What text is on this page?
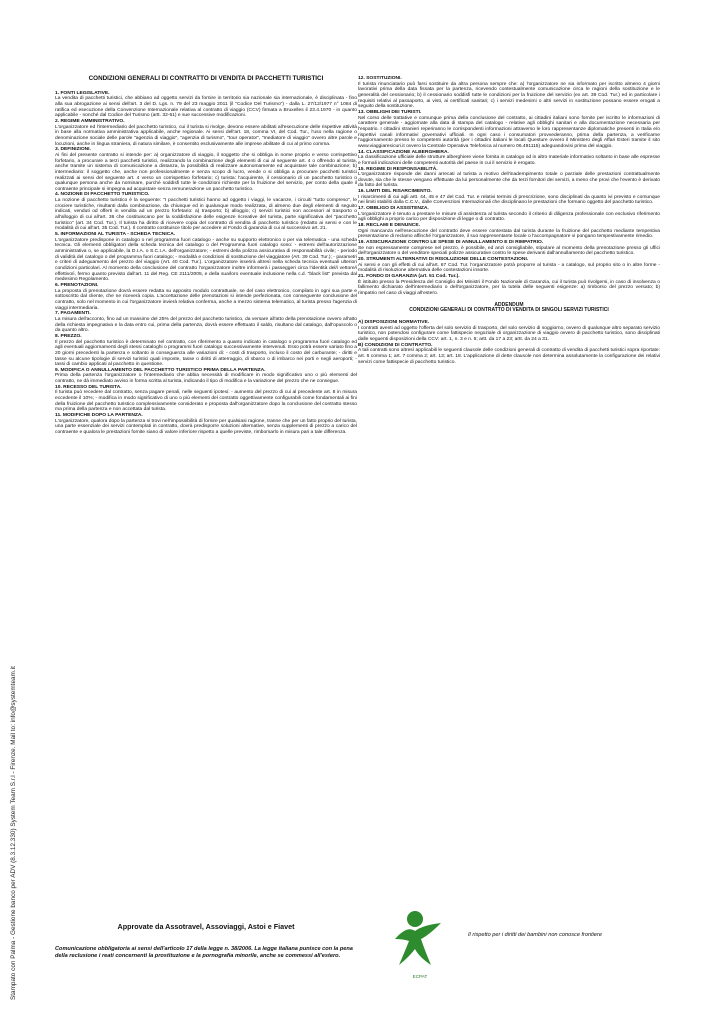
Stampato con Palma - Gestione banco per ADV (8.3.12.330) System Team S.r.l - Firenze. Mail to: info@systemteam.it
CONDIZIONI GENERALI DI CONTRATTO DI VENDITA DI PACCHETTI TURISTICI
1. FONTI LEGISLATIVE.
La vendita di pacchetti turistici, che abbiano ad oggetto servizi da fornire in territorio sia nazionale sia internazionale, è disciplinata - fino alla sua abrogazione ai sensi dell'art. 3 del D. Lgs. n. 79 del 23 maggio 2011 (il "Codice Del Turismo") - dalla L. 27/12/1977 n° 1084 di ratifica ed esecuzione della Convenzione Internazionale relativa al contratto di viaggio (CCV) firmata a Bruxelles il 23.4.1970 - in quanto applicabile - nonché dal Codice del Turismo (artt. 32-51) e sue successive modificazioni.
2. REGIME AMMINISTRATIVO.
L'organizzatore ed l'intermediario del pacchetto turistico, cui il turista si rivolge, devono essere abilitati all'esecuzione delle rispettive attività in base alla normativa amministrativa applicabile, anche regionale. Ai sensi dell'art. 18, comma VI, del Cod. Tur., l'uso nella ragione o denominazione sociale delle parole "agenzia di viaggio", "agenzia di turismo", "tour operator", "mediatore di viaggio" ovvero altre parole e locuzioni, anche in lingua straniera, di natura similare, è consentito esclusivamente alle imprese abilitate di cui al primo comma.
3. DEFINIZIONI.
Ai fini del presente contratto si intende per: a) organizzatore di viaggio, il soggetto che si obbliga in nome proprio e verso corrispettivo forfetario, a procurare a terzi pacchetti turistici, realizzando la combinazione degli elementi di cui al seguente art. 4 o offrendo al turista, anche tramite un sistema di comunicazione a distanza, la possibilità di realizzare autonomamente ed acquistare tale combinazione; b) intermediario: il soggetto che, anche non professionalmente e senza scopo di lucro, vende o si obbliga a procurare pacchetti turistici realizzati ai sensi del seguente art. 4 verso un corrispettivo forfetario; c) turista: l'acquirente, il cessionario di un pacchetto turistico o qualunque persona anche da nominare, purché soddisfi tutte le condizioni richieste per la fruizione del servizio, per conto della quale il contraente principale si impegna ad acquistare senza remunerazione un pacchetto turistico.
4. NOZIONE DI PACCHETTO TURISTICO.
La nozione di pacchetto turistico è la seguente: "I pacchetti turistici hanno ad oggetto i viaggi, le vacanze, i circuiti "tutto compreso", le crociere turistiche, risultanti dalla combinazione, da chiunque ed in qualunque modo realizzata, di almeno due degli elementi di seguito indicati, venduti od offerti in vendita ad un prezzo forfetario: a) trasporto; b) alloggio; c) servizi turistici non accessori al trasporto o all'alloggio di cui all'art. 36 che costituiscano per la soddisfazione delle esigenze ricreative del turista, parte significativa del "pacchetto turistico" (art. 34 Cod. Tur.). Il turista ha diritto di ricevere copia del contratto di vendita di pacchetto turistico (redatto ai sensi e con le modalità di cui all'art. 35 Cod. Tur.). Il contratto costituisce titolo per accedere al Fondo di garanzia di cui al successivo art. 21.
5. INFORMAZIONI AL TURISTA - SCHEDA TECNICA.
L'organizzatore predispone in catalogo o nel programma fuori catalogo - anche su supporto elettronico o per via telematica - una scheda tecnica. Gli elementi obbligatori della scheda tecnica del catalogo o del Programma fuori catalogo sono: - estremi dell'autorizzazione amministrativa o, se applicabile, la D.I.A. o S.C.I.A. dell'organizzatore; - estremi della polizza assicurativa di responsabilità civile; - periodo di validità del catalogo o del programma fuori catalogo; - modalità e condizioni di sostituzione del viaggiatore (Art. 39 Cod. Tur.); - parametri e criteri di adeguamento del prezzo del viaggio (Art. 40 Cod. Tur.). L'organizzatore inserirà altresì nella scheda tecnica eventuali ulteriori condizioni particolari. Al momento della conclusione del contratto l'organizzatore inoltre informerà i passeggeri circa l'identità del/i vettore/i effettivo/i, fermo quanto previsto dall'art. 11 del Reg. CE 2111/2005, e della sua/loro eventuale inclusione nella c.d. "black list" prevista dal medesimo Regolamento.
6. PRENOTAZIONI.
La proposta di prenotazione dovrà essere redatta su apposito modulo contrattuale, se del caso elettronico, compilato in ogni sua parte e sottoscritto dal cliente, che ne riceverà copia. L'accettazione delle prenotazioni si intende perfezionata, con conseguente conclusione del contratto, solo nel momento in cui l'organizzatore invierà relativa conferma, anche a mezzo sistema telematico, al turista presso l'agenzia di viaggi intermediaria.
7. PAGAMENTI.
La misura dell'acconto, fino ad un massimo del 25% del prezzo del pacchetto turistico, da versare all'atto della prenotazione ovvero all'atto della richiesta impegnativa e la data entro cui, prima della partenza, dovrà essere effettuato il saldo, risultano dal catalogo, dall'opuscolo o da quanto altro.
8. PREZZO.
Il prezzo del pacchetto turistico è determinato nel contratto, con riferimento a quanto indicato in catalogo o programma fuori catalogo ed agli eventuali aggiornamenti degli stessi cataloghi o programmi fuori catalogo successivamente intervenuti. Esso potrà essere variato fino a 20 giorni precedenti la partenza e soltanto in conseguenza alle variazioni di: - costi di trasporto, incluso il costo del carburante; - diritti e tasse su alcune tipologie di servizi turistici quali imposte, tasse o diritti di atterraggio, di sbarco o di imbarco nei porti e negli aeroporti; - tassi di cambio applicati al pacchetto in questione.
9. MODIFICA O ANNULLAMENTO DEL PACCHETTO TURISTICO PRIMA DELLA PARTENZA.
Prima della partenza l'organizzatore o l'intermediario che abbia necessità di modificare in modo significativo uno o più elementi del contratto, ne dà immediato avviso in forma scritta al turista, indicando il tipo di modifica e la variazione del prezzo che ne consegue.
10. RECESSO DEL TURISTA.
Il turista può recedere dal contratto, senza pagare penali, nelle seguenti ipotesi: - aumento del prezzo di cui al precedente art. 8 in misura eccedente il 10%; - modifica in modo significativo di uno o più elementi del contratto oggettivamente configurabili come fondamentali ai fini della fruizione del pacchetto turistico complessivamente considerato e proposta dall'organizzatore dopo la conclusione del contratto stesso ma prima della partenza e non accettata dal turista.
11. MODIFICHE DOPO LA PARTENZA.
L'organizzatore, qualora dopo la partenza si trovi nell'impossibilità di fornire per qualsiasi ragione, tranne che per un fatto proprio del turista, una parte essenziale dei servizi contemplati in contratto, dovrà predisporre soluzioni alternative, senza supplementi di prezzo a carico del contraente e qualora le prestazioni fornite siano di valore inferiore rispetto a quelle previste, rimborsarlo in misura pari a tale differenza.
12. SOSTITUZIONI.
Il turista rinunciatario può farsi sostituire da altra persona sempre che: a) l'organizzatore ne sia informato per iscritto almeno 4 giorni lavorativi prima della data fissata per la partenza, ricevendo contestualmente comunicazione circa le ragioni della sostituzione e le generalità del cessionario; b) il cessionario soddisfi tutte le condizioni per la fruizione del servizio (ex art. 39 Cod. Tur.) ed in particolare i requisiti relativi al passaporto, ai visti, ai certificati sanitari; c) i servizi medesimi o altri servizi in sostituzione possano essere erogati a seguito della sostituzione.
13. OBBLIGHI DEI TURISTI.
Nel corso delle trattative e comunque prima della conclusione del contratto, ai cittadini italiani sono fornite per iscritto le informazioni di carattere generale - aggiornate alla data di stampa del catalogo - relative agli obblighi sanitari e alla documentazione necessaria per l'espatrio. I cittadini stranieri reperiranno le corrispondenti informazioni attraverso le loro rappresentanze diplomatiche presenti in Italia e/o rispettivi canali informativi governativi ufficiali. In ogni caso i consumatori provvederanno, prima della partenza, a verificarne l'aggiornamento presso le competenti autorità (per i cittadini italiani le locali Questure ovvero il Ministero degli Affari Esteri tramite il sito www.viaggiaresicuri.it ovvero la Centrale Operativa Telefonica al numero 06.491115) adeguandovisi prima del viaggio.
14. CLASSIFICAZIONE ALBERGHIERA.
La classificazione ufficiale delle strutture alberghiere viene fornita in catalogo od in altro materiale informativo soltanto in base alle espresse e formali indicazioni delle competenti autorità del paese in cui il servizio è erogato.
15. REGIME DI RESPONSABILITÀ.
L'organizzatore risponde dei danni arrecati al turista a motivo dell'inadempimento totale o parziale delle prestazioni contrattualmente dovute, sia che le stesse vengano effettuate da lui personalmente che da terzi fornitori dei servizi, a meno che provi che l'evento è derivato da fatto del turista.
16. LIMITI DEL RISARCIMENTO.
I risarcimenti di cui agli artt. 44, 45 e 47 del Cod. Tur. e relativi termini di prescrizione, sono disciplinati da quanto ivi previsto e comunque nei limiti stabiliti dalla C.C.V., dalle Convenzioni Internazionali che disciplinano le prestazioni che formano oggetto del pacchetto turistico.
17. OBBLIGO DI ASSISTENZA.
L'organizzatore è tenuto a prestare le misure di assistenza al turista secondo il criterio di diligenza professionale con esclusivo riferimento agli obblighi a proprio carico per disposizione di legge o di contratto.
18. RECLAMI E DENUNCE.
Ogni mancanza nell'esecuzione del contratto deve essere contestata dal turista durante la fruizione del pacchetto mediante tempestiva presentazione di reclamo affinché l'organizzatore, il suo rappresentante locale o l'accompagnatore vi pongano tempestivamente rimedio.
19. ASSICURAZIONE CONTRO LE SPESE DI ANNULLAMENTO E DI RIMPATRIO.
Se non espressamente comprese nel prezzo, è possibile, ed anzi consigliabile, stipulare al momento della prenotazione presso gli uffici dell'organizzatore o del venditore speciali polizze assicurative contro le spese derivanti dall'annullamento del pacchetto turistico.
20. STRUMENTI ALTERNATIVI DI RISOLUZIONE DELLE CONTESTAZIONI.
Ai sensi e con gli effetti di cui all'art. 67 Cod. Tur. l'organizzatore potrà proporre al turista - a catalogo, sul proprio sito o in altre forme - modalità di risoluzione alternativa delle contestazioni insorte.
21. FONDO DI GARANZIA (art. 51 Cod. Tur.).
È istituito presso la Presidenza del Consiglio dei Ministri il Fondo Nazionale di Garanzia, cui il turista può rivolgersi, in caso di insolvenza o fallimento dichiarato dell'intermediario o dell'organizzatore, per la tutela delle seguenti esigenze: a) rimborso del prezzo versato; b) rimpatrio nel caso di viaggi all'estero.
ADDENDUM
CONDIZIONI GENERALI DI CONTRATTO DI VENDITA DI SINGOLI SERVIZI TURISTICI
A) DISPOSIZIONI NORMATIVE.
I contratti aventi ad oggetto l'offerta del solo servizio di trasporto, del solo servizio di soggiorno, ovvero di qualunque altro separato servizio turistico, non potendosi configurare come fattispecie negoziale di organizzazione di viaggio ovvero di pacchetto turistico, sono disciplinati dalle seguenti disposizioni della CCV: art. 1, n. 3 e n. 6; artt. da 17 a 23; artt. da 24 a 31.
B) CONDIZIONI DI CONTRATTO.
A tali contratti sono altresì applicabili le seguenti clausole delle condizioni generali di contratto di vendita di pacchetti turistici sopra riportate: art. 6 comma 1; art. 7 comma 2; art. 13; art. 18. L'applicazione di dette clausole non determina assolutamente la configurazione dei relativi servizi come fattispecie di pacchetto turistico.
Approvate da Assotravel, Assoviaggi, Astoi e Fiavet
Comunicazione obbligatoria ai sensi dell'articolo 17 della legge n. 38/2006. La legge italiana punisce con la pena della reclusione i reati concernenti la prostituzione e la pornografia minorile, anche se commessi all'estero.
ECPAT
Il rispetto per i diritti dei bambini non conosce frontiere
